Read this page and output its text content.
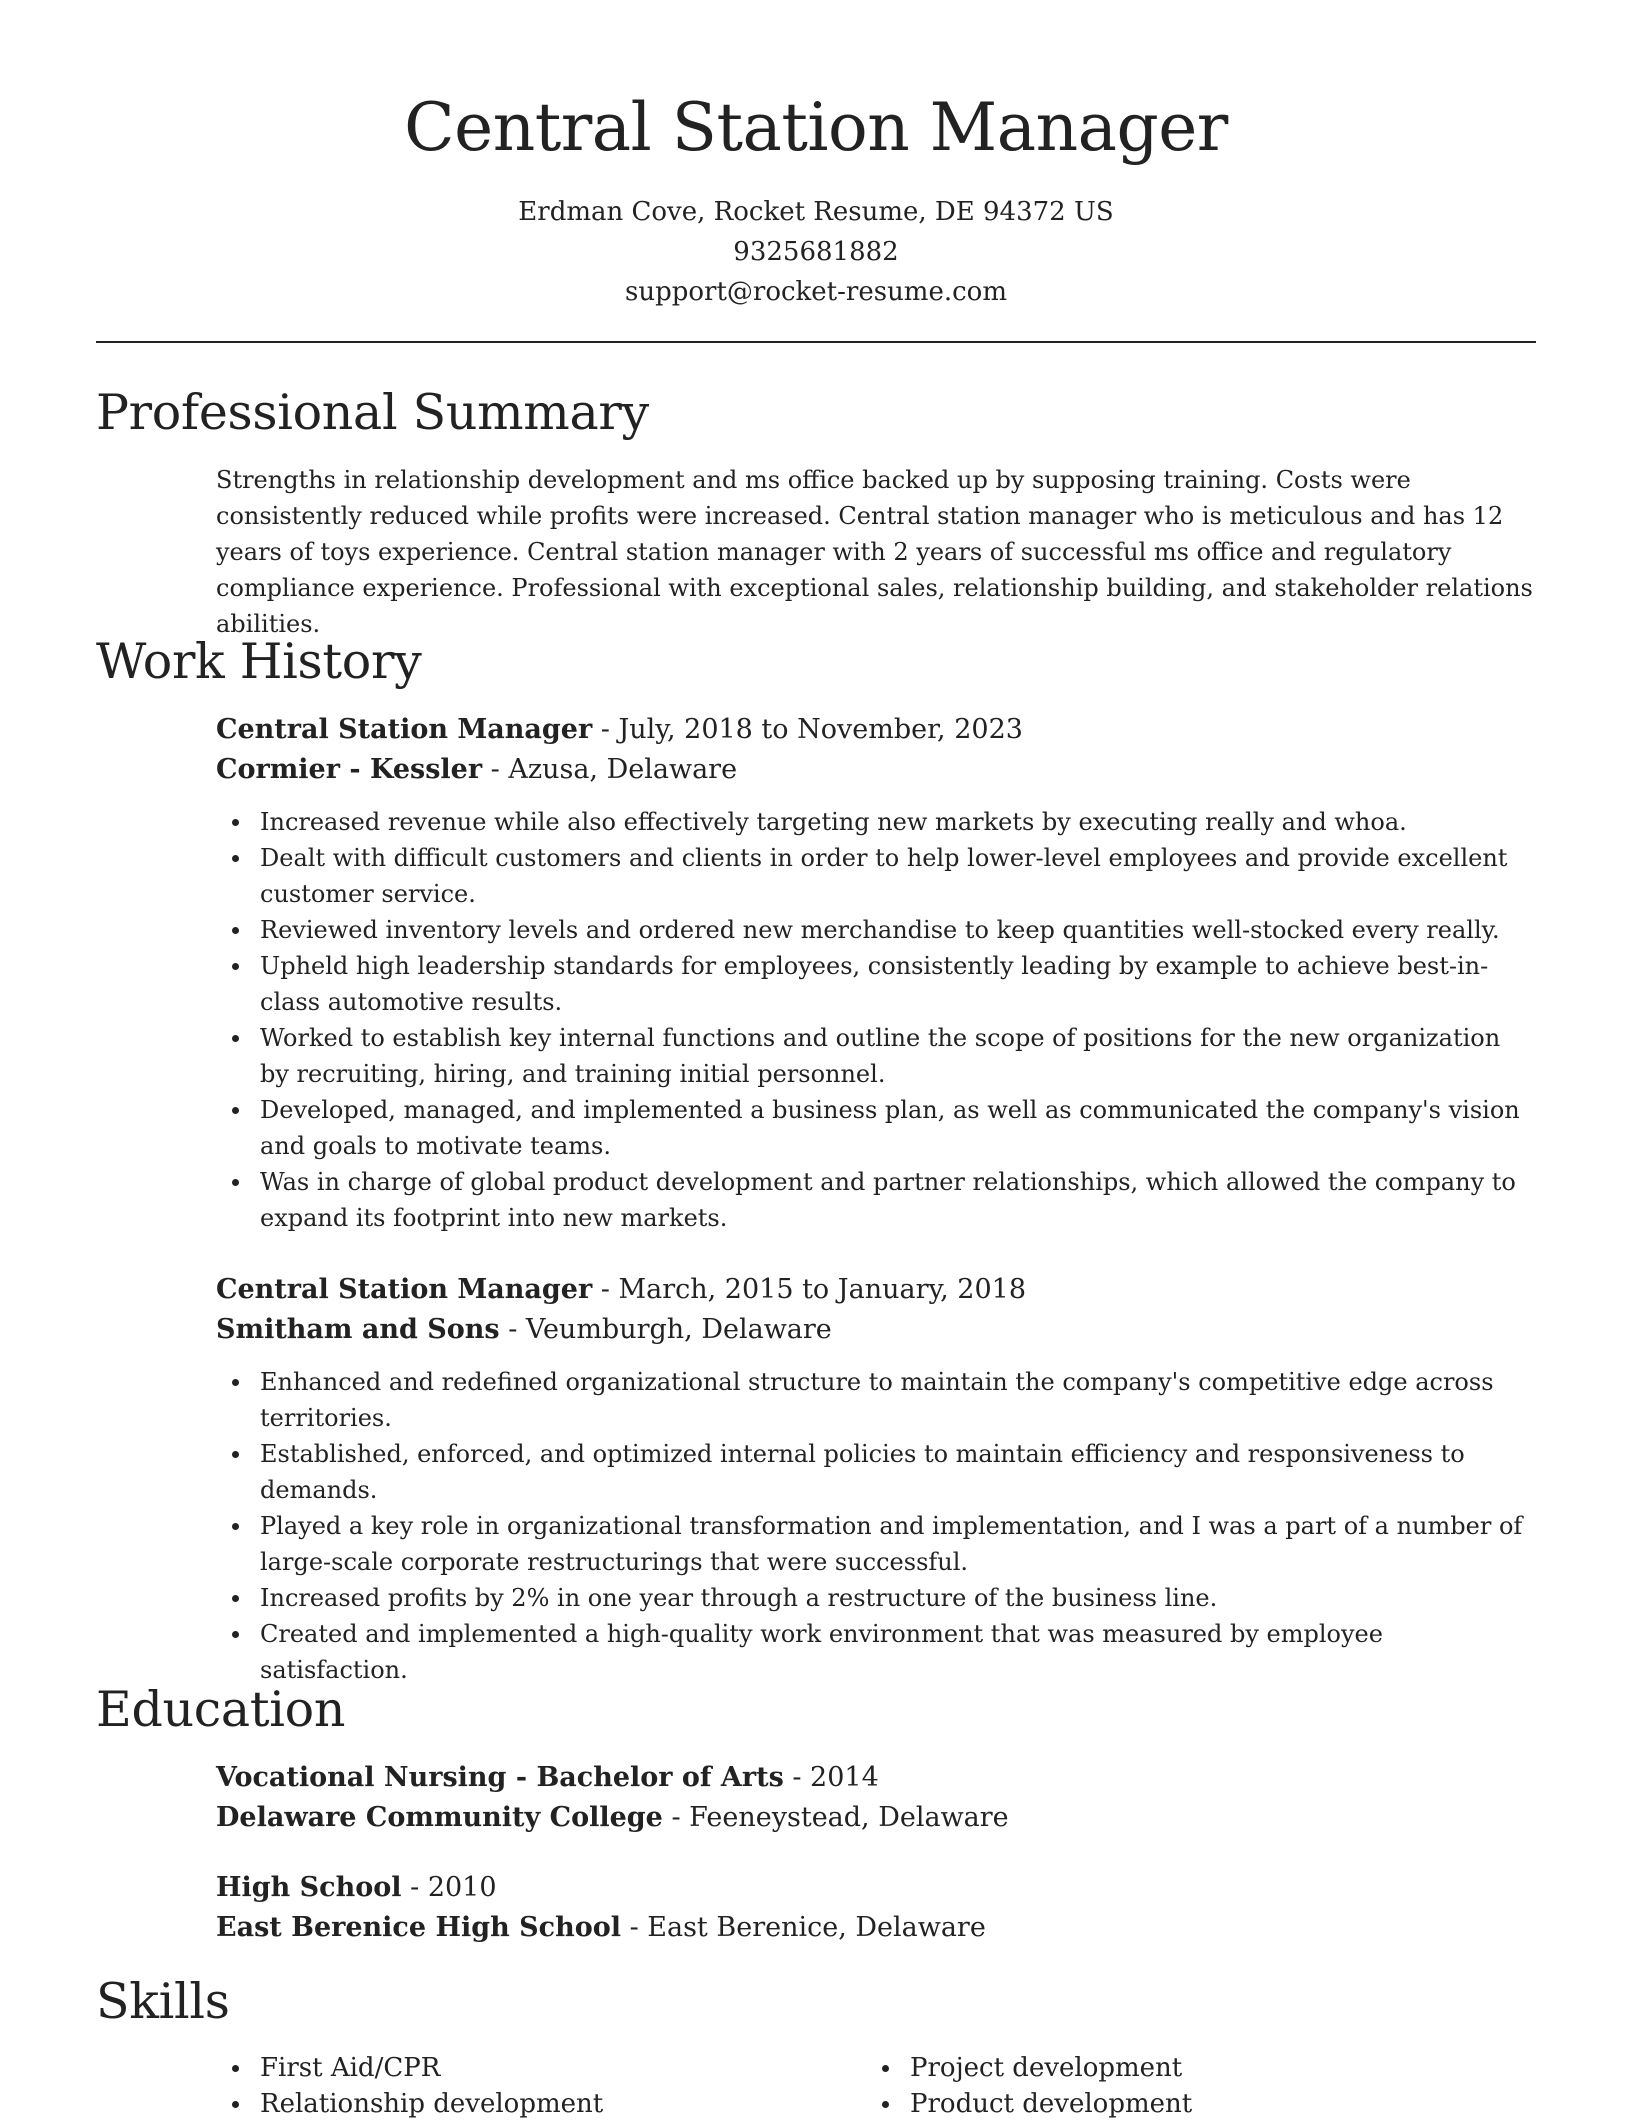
Central Station Manager
Erdman Cove, Rocket Resume, DE 94372 US
9325681882
support@rocket-resume.com
Professional Summary

Strengths in relationship development and ms office backed up by supposing training. Costs were consistently reduced while profits were increased. Central station manager who is meticulous and has 12 years of toys experience. Central station manager with 2 years of successful ms office and regulatory compliance experience. Professional with exceptional sales, relationship building, and stakeholder relations abilities.

Work History
Central Station Manager - July, 2018 to November, 2023
Cormier - Kessler - Azusa, Delaware
Increased revenue while also effectively targeting new markets by executing really and whoa.
Dealt with difficult customers and clients in order to help lower-level employees and provide excellent customer service.
Reviewed inventory levels and ordered new merchandise to keep quantities well-stocked every really.
Upheld high leadership standards for employees, consistently leading by example to achieve best-in-class automotive results.
Worked to establish key internal functions and outline the scope of positions for the new organization by recruiting, hiring, and training initial personnel.
Developed, managed, and implemented a business plan, as well as communicated the company's vision and goals to motivate teams.
Was in charge of global product development and partner relationships, which allowed the company to expand its footprint into new markets.
Central Station Manager - March, 2015 to January, 2018
Smitham and Sons - Veumburgh, Delaware
Enhanced and redefined organizational structure to maintain the company's competitive edge across territories.
Established, enforced, and optimized internal policies to maintain efficiency and responsiveness to demands.
Played a key role in organizational transformation and implementation, and I was a part of a number of large-scale corporate restructurings that were successful.
Increased profits by 2% in one year through a restructure of the business line.
Created and implemented a high-quality work environment that was measured by employee satisfaction.
Education
Vocational Nursing - Bachelor of Arts - 2014
Delaware Community College - Feeneystead, Delaware
High School - 2010
East Berenice High School - East Berenice, Delaware
Skills
First Aid/CPR
Relationship development
Project development
Product development
